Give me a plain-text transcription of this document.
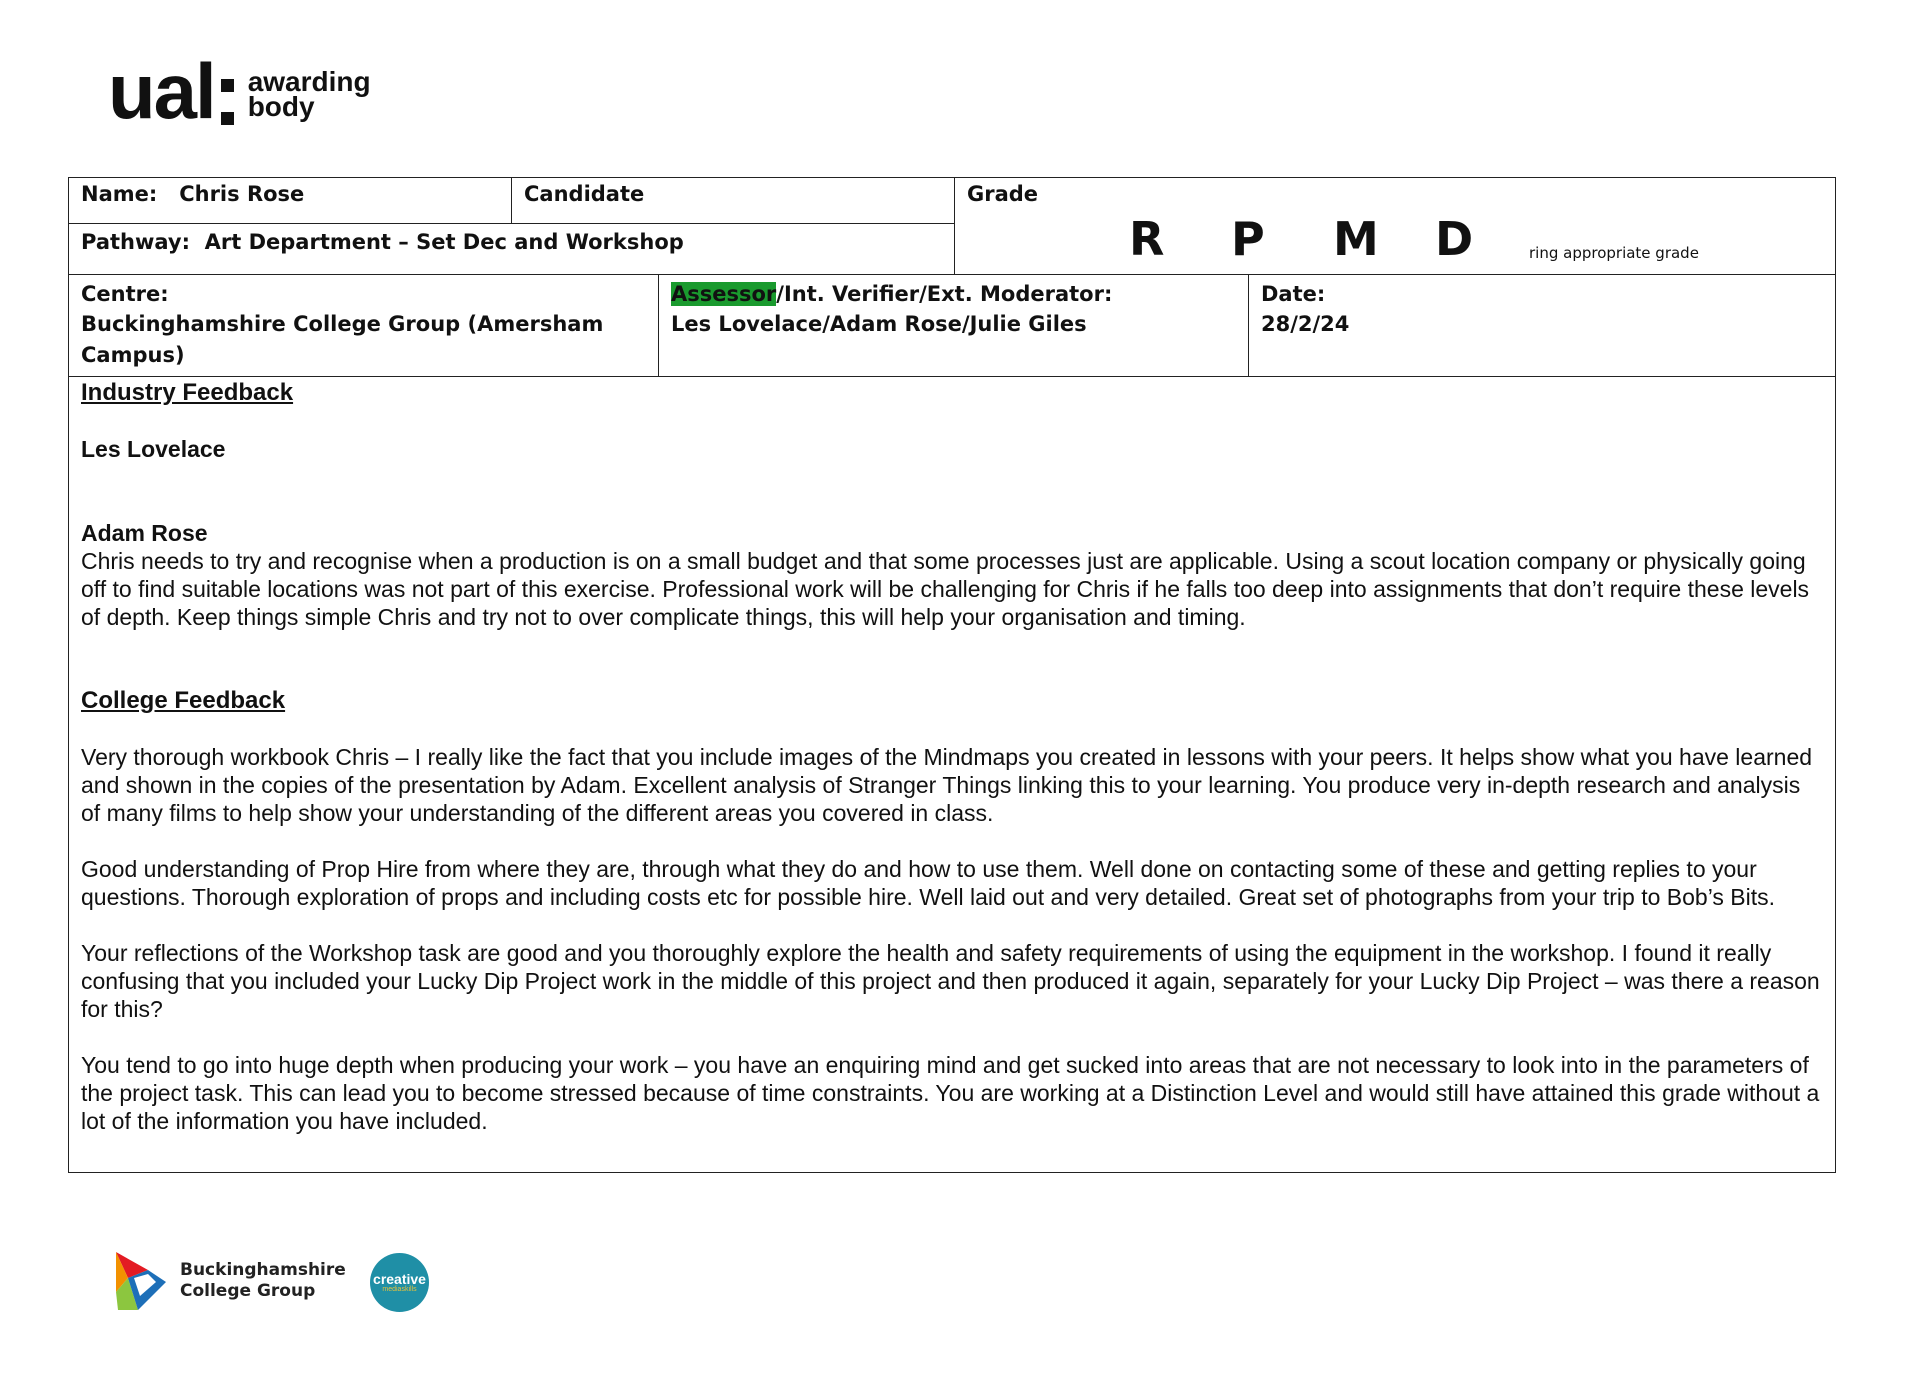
ual awarding
body
Name: Chris Rose	Candidate
Pathway: Art Department – Set Dec and Workshop
Grade
R	P	M	D	ring appropriate grade
Centre:
Buckinghamshire College Group (Amersham Campus)
Assessor/Int. Verifier/Ext. Moderator:
Les Lovelace/Adam Rose/Julie Giles
Date:
28/2/24
Industry Feedback
Les Lovelace
Adam Rose
Chris needs to try and recognise when a production is on a small budget and that some processes just are applicable. Using a scout location company or physically going off to find suitable locations was not part of this exercise. Professional work will be challenging for Chris if he falls too deep into assignments that don’t require these levels of depth. Keep things simple Chris and try not to over complicate things, this will help your organisation and timing.
College Feedback
Very thorough workbook Chris – I really like the fact that you include images of the Mindmaps you created in lessons with your peers. It helps show what you have learned and shown in the copies of the presentation by Adam. Excellent analysis of Stranger Things linking this to your learning. You produce very in-depth research and analysis of many films to help show your understanding of the different areas you covered in class.
Good understanding of Prop Hire from where they are, through what they do and how to use them. Well done on contacting some of these and getting replies to your questions. Thorough exploration of props and including costs etc for possible hire. Well laid out and very detailed. Great set of photographs from your trip to Bob’s Bits.
Your reflections of the Workshop task are good and you thoroughly explore the health and safety requirements of using the equipment in the workshop. I found it really confusing that you included your Lucky Dip Project work in the middle of this project and then produced it again, separately for your Lucky Dip Project – was there a reason for this?
You tend to go into huge depth when producing your work – you have an enquiring mind and get sucked into areas that are not necessary to look into in the parameters of the project task. This can lead you to become stressed because of time constraints. You are working at a Distinction Level and would still have attained this grade without a lot of the information you have included.
Buckinghamshire
College Group
creative
mediaskills
